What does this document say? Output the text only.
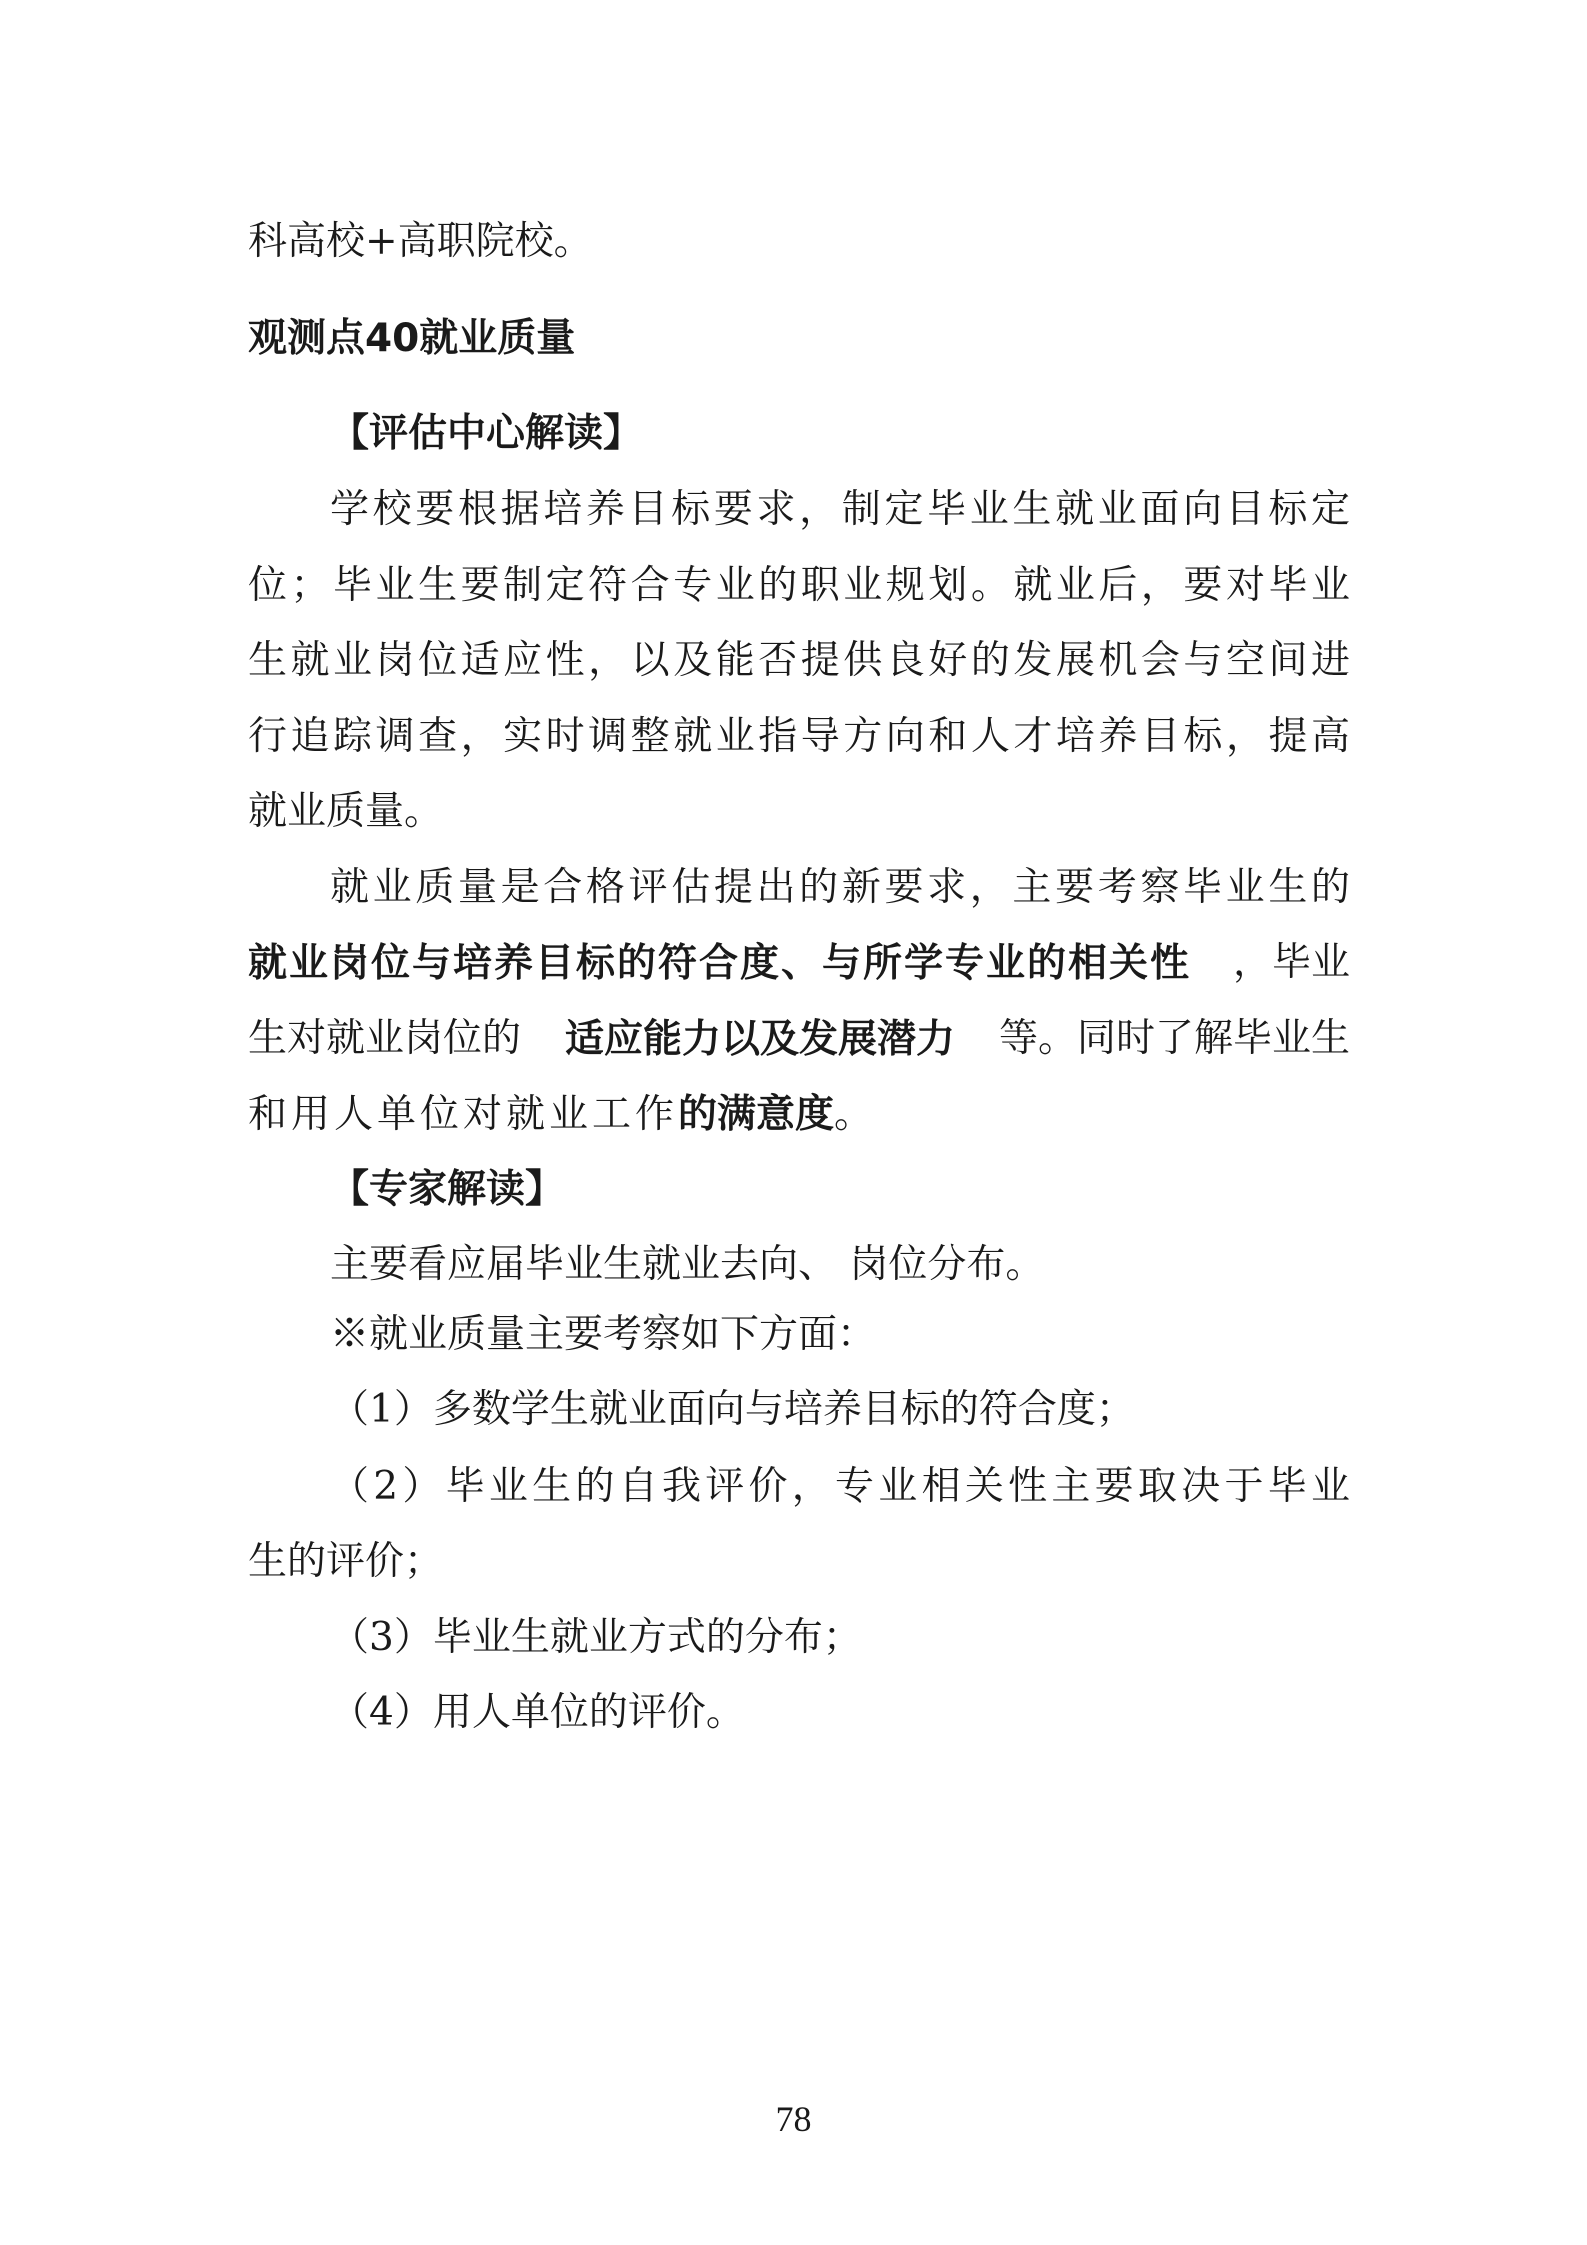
科高校+高职院校。
观测点40就业质量
【评估中心解读】
学校要根据培养目标要求，制定毕业生就业面向目标定
位；毕业生要制定符合专业的职业规划。就业后，要对毕业
生就业岗位适应性，以及能否提供良好的发展机会与空间进
行追踪调查，实时调整就业指导方向和人才培养目标，提高
就业质量。
就业质量是合格评估提出的新要求，主要考察毕业生的
就业岗位与培养目标的符合度、与所学专业的相关性 ，毕业
生对就业岗位的 适应能力以及发展潜力 等。同时了解毕业生
和用人单位对就业工作的满意度。
【专家解读】
主要看应届毕业生就业去向、 岗位分布。
※就业质量主要考察如下方面：
（1）多数学生就业面向与培养目标的符合度；
（2）毕业生的自我评价，专业相关性主要取决于毕业
生的评价；
（3）毕业生就业方式的分布；
（4）用人单位的评价。
78
